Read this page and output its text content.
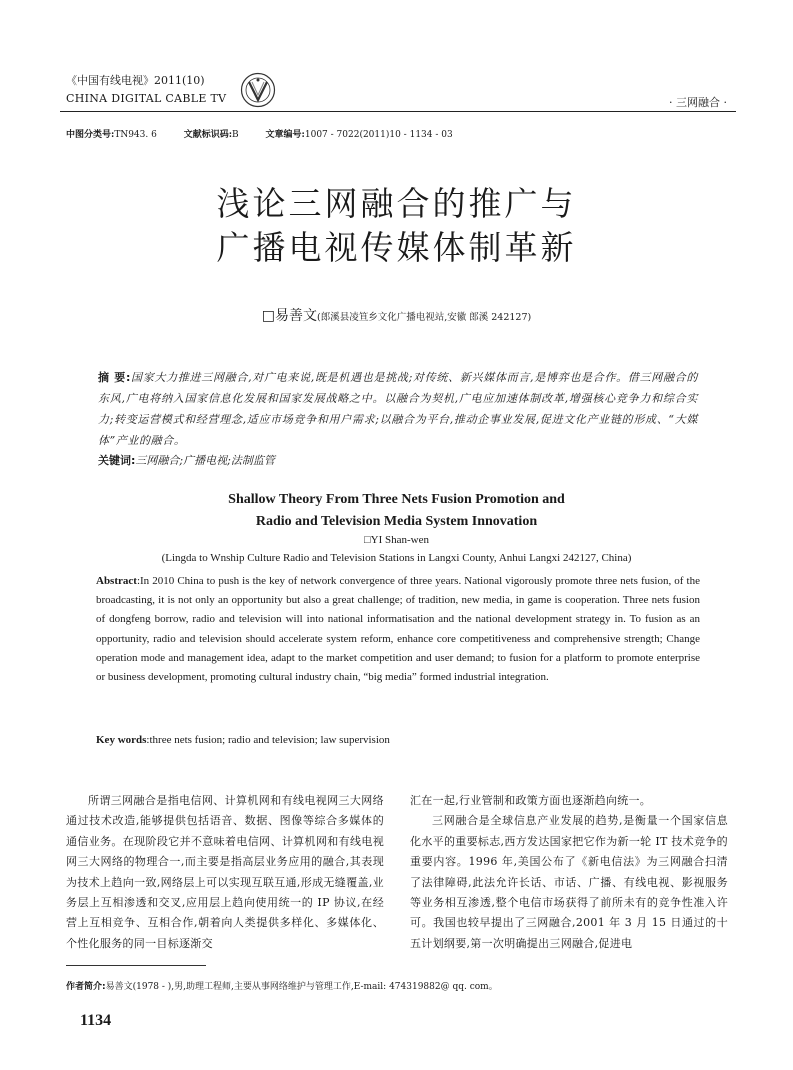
《中国有线电视》2011(10)
CHINA DIGITAL CABLE TV	· 三网融合 ·
中图分类号:TN943. 6	文献标识码:B	文章编号:1007 - 7022(2011)10 - 1134 - 03
浅论三网融合的推广与
广播电视传媒体制革新
□易善文(郎溪县凌笪乡文化广播电视站,安徽 郎溪 242127)
摘 要:国家大力推进三网融合,对广电来说,既是机遇也是挑战;对传统、新兴媒体而言,是博弈也是合作。借三网融合的东风,广电将纳入国家信息化发展和国家发展战略之中。以融合为契机,广电应加速体制改革,增强核心竞争力和综合实力;转变运营模式和经营理念,适应市场竞争和用户需求;以融合为平台,推动企事业发展,促进文化产业链的形成、“大媒体”产业的融合。
关键词:三网融合;广播电视;法制监管
Shallow Theory From Three Nets Fusion Promotion and
Radio and Television Media System Innovation
□YI Shan-wen
(Lingda to Wnship Culture Radio and Television Stations in Langxi County, Anhui Langxi 242127, China)
Abstract:In 2010 China to push is the key of network convergence of three years. National vigorously promote three nets fusion, of the broadcasting, it is not only an opportunity but also a great challenge; of tradition, new media, in game is cooperation. Three nets fusion of dongfeng borrow, radio and television will into national informatisation and the national development strategy in. To fusion as an opportunity, radio and television should accelerate system reform, enhance core competitiveness and comprehensive strength; Change operation mode and management idea, adapt to the market competition and user demand; to fusion for a platform to promote enterprise or business development, promoting cultural industry chain, “big media” formed industrial integration.
Key words:three nets fusion; radio and television; law supervision

所谓三网融合是指电信网、计算机网和有线电视网三大网络通过技术改造,能够提供包括语音、数据、图像等综合多媒体的通信业务。在现阶段它并不意味着电信网、计算机网和有线电视网三大网络的物理合一,而主要是指高层业务应用的融合,其表现为技术上趋向一致,网络层上可以实现互联互通,形成无缝覆盖,业务层上互相渗透和交叉,应用层上趋向使用统一的 IP 协议,在经营上互相竞争、互相合作,朝着向人类提供多样化、多媒体化、个性化服务的同一目标逐渐交

汇在一起,行业管制和政策方面也逐渐趋向统一。

三网融合是全球信息产业发展的趋势,是衡量一个国家信息化水平的重要标志,西方发达国家把它作为新一轮 IT 技术竞争的重要内容。1996 年,美国公布了《新电信法》为三网融合扫清了法律障碍,此法允许长话、市话、广播、有线电视、影视服务等业务相互渗透,整个电信市场获得了前所未有的竞争性准入许可。我国也较早提出了三网融合,2001 年 3 月 15 日通过的十五计划纲要,第一次明确提出三网融合,促进电

作者简介:易善文(1978 - ),男,助理工程师,主要从事网络维护与管理工作,E-mail: 474319882@ qq. com。
1134
